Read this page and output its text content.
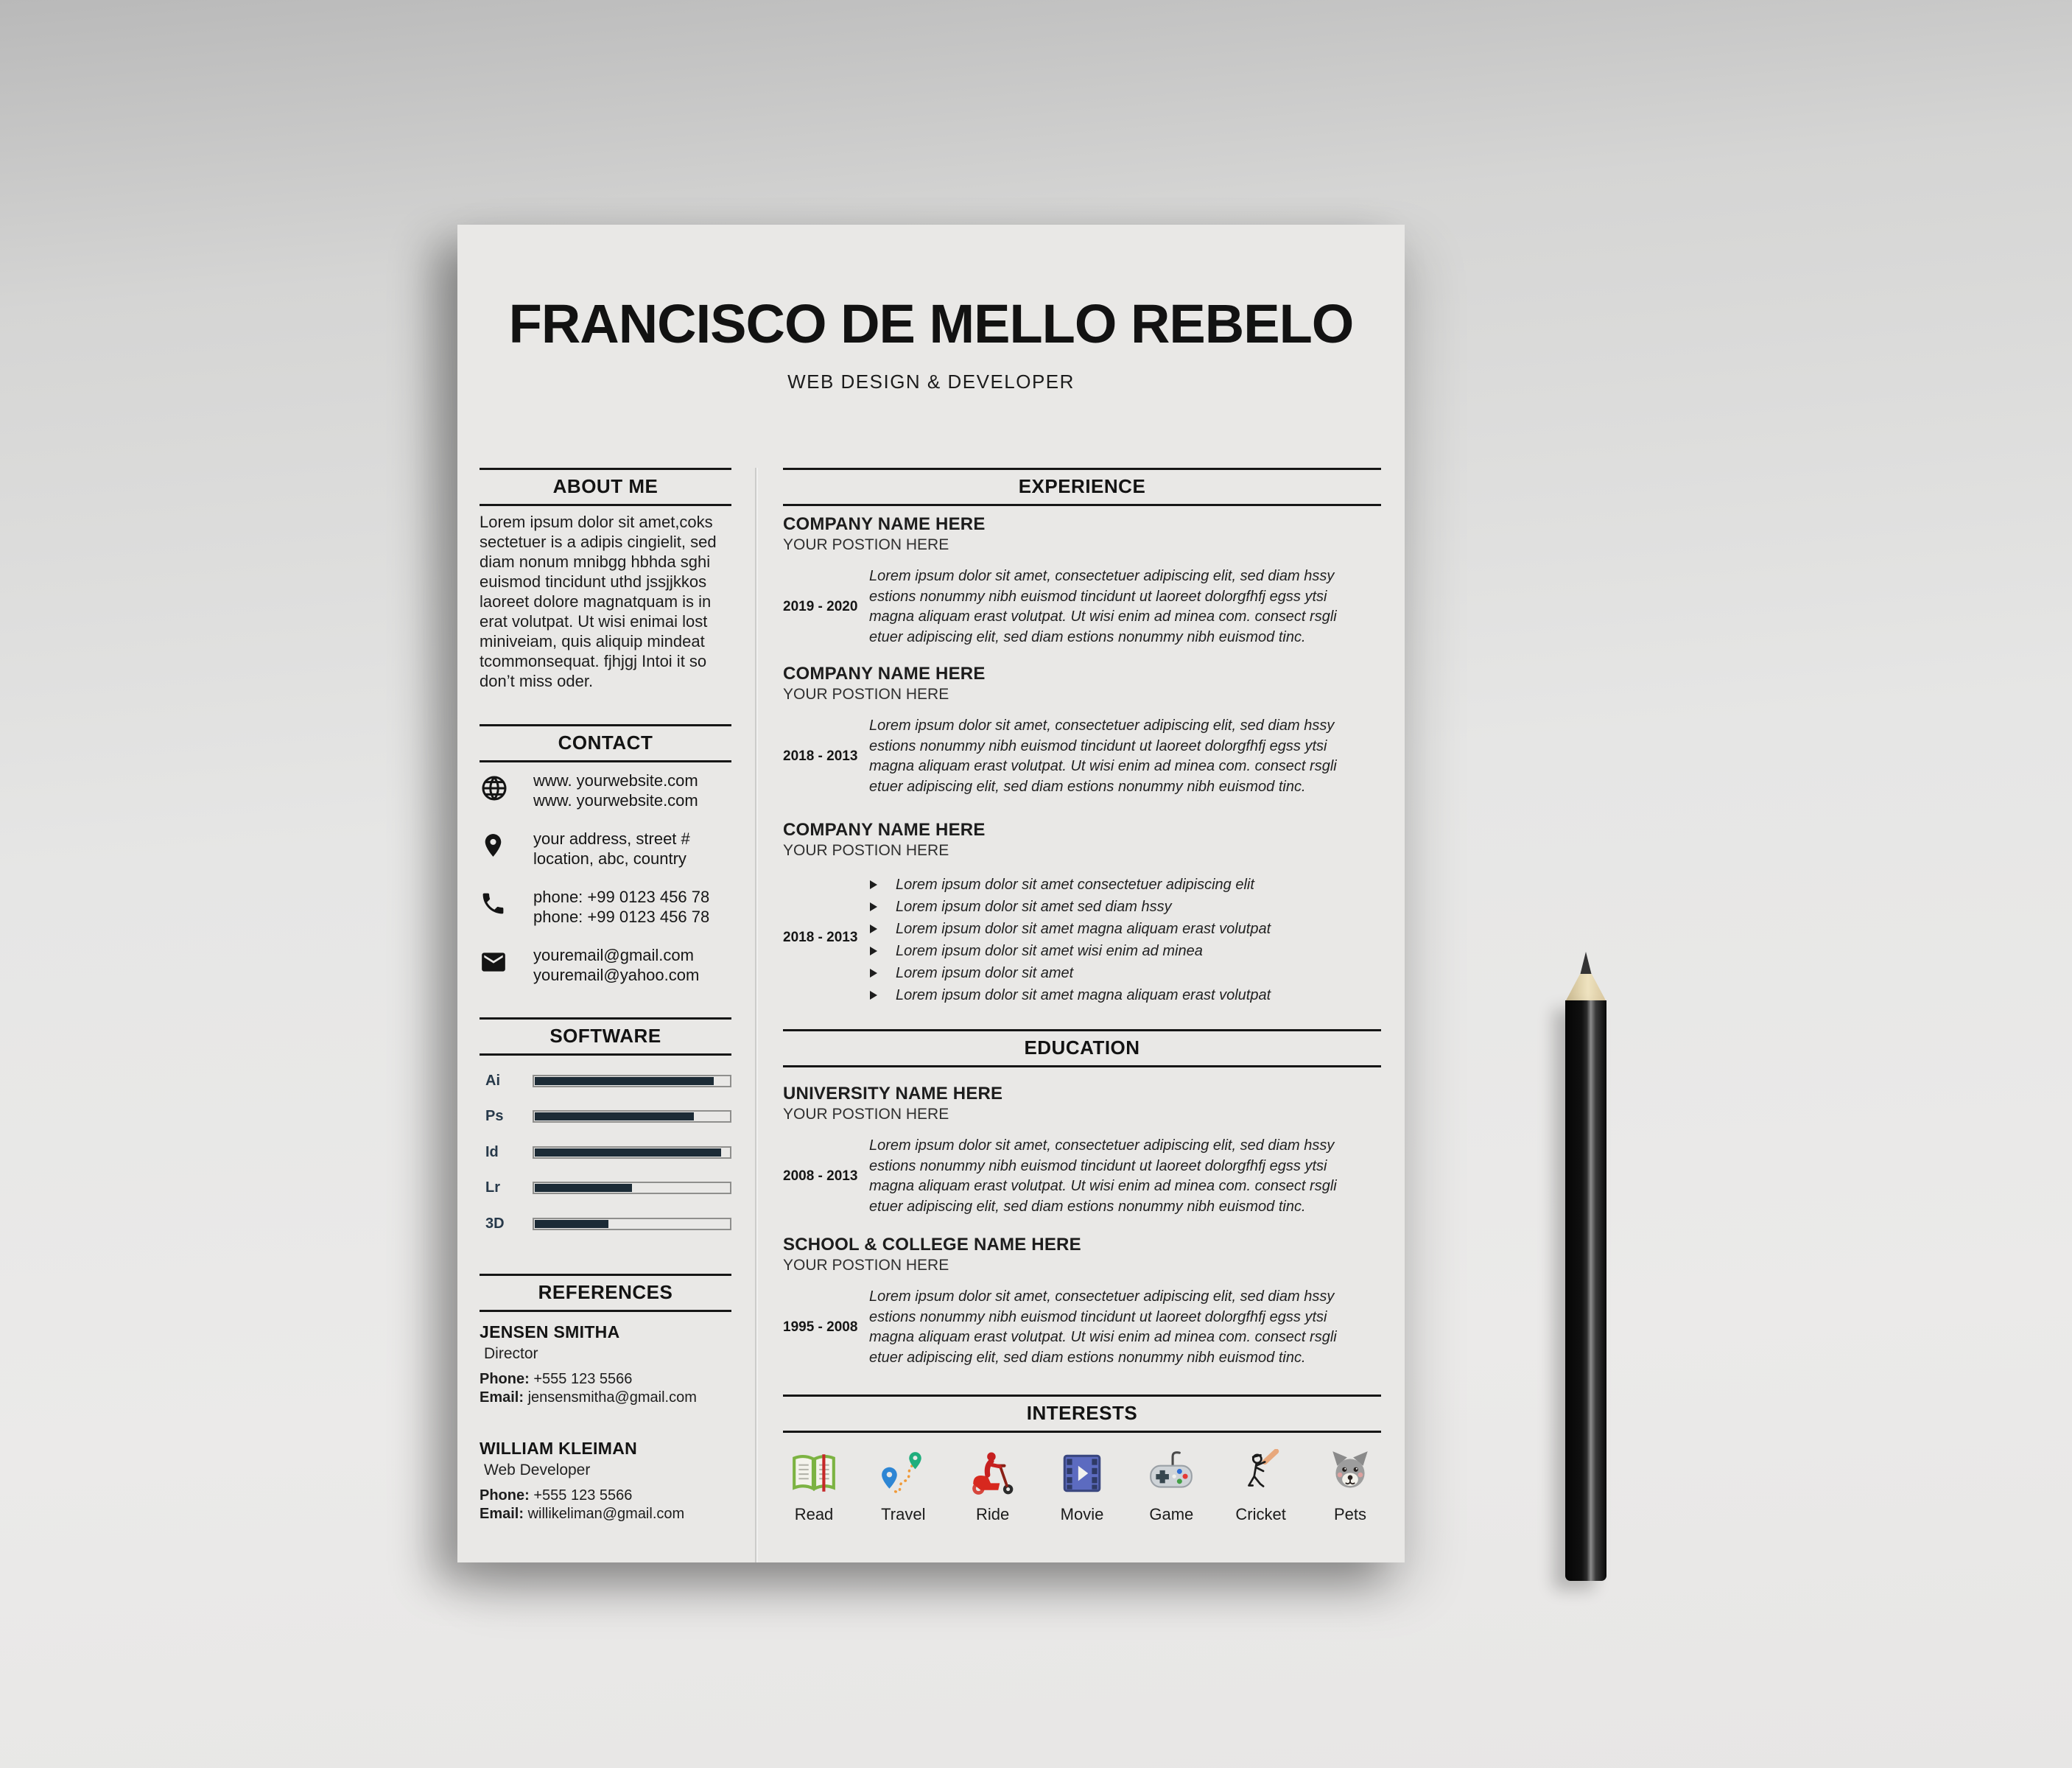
FRANCISCO DE MELLO REBELO
WEB DESIGN & DEVELOPER
ABOUT ME
Lorem ipsum dolor sit amet,coks sectetuer is a adipis cingielit, sed diam nonum mnibgg hbhda sghi euismod tincidunt uthd jssjjkkos laoreet dolore magnatquam is in erat volutpat. Ut wisi enimai lost miniveiam, quis aliquip mindeat tcommonsequat. fjhjgj Intoi it so don’t miss oder.
CONTACT
www. yourwebsite.com
www. yourwebsite.com
your address, street #
location, abc, country
phone: +99 0123 456 78
phone: +99 0123 456 78
youremail@gmail.com
youremail@yahoo.com
SOFTWARE
Ai
Ps
Id
Lr
3D
REFERENCES
JENSEN SMITHA
Director
Phone: +555 123 5566
Email: jensensmitha@gmail.com
WILLIAM KLEIMAN
Web Developer
Phone: +555 123 5566
Email: willikeliman@gmail.com
EXPERIENCE
COMPANY NAME HERE
YOUR POSTION HERE
2019 - 2020
Lorem ipsum dolor sit amet, consectetuer adipiscing elit, sed diam hssy estions nonummy nibh euismod tincidunt ut laoreet dolorgfhfj egss ytsi magna aliquam erast volutpat. Ut wisi enim ad minea com. consect rsgli etuer adipiscing elit, sed diam estions nonummy nibh euismod tinc.
COMPANY NAME HERE
YOUR POSTION HERE
2018 - 2013
Lorem ipsum dolor sit amet, consectetuer adipiscing elit, sed diam hssy estions nonummy nibh euismod tincidunt ut laoreet dolorgfhfj egss ytsi magna aliquam erast volutpat. Ut wisi enim ad minea com. consect rsgli etuer adipiscing elit, sed diam estions nonummy nibh euismod tinc.
COMPANY NAME HERE
YOUR POSTION HERE
2018 - 2013
Lorem ipsum dolor sit amet consectetuer adipiscing elit
Lorem ipsum dolor sit amet sed diam hssy
Lorem ipsum dolor sit amet magna aliquam erast volutpat
Lorem ipsum dolor sit amet wisi enim ad minea
Lorem ipsum dolor sit amet
Lorem ipsum dolor sit amet magna aliquam erast volutpat
EDUCATION
UNIVERSITY NAME HERE
YOUR POSTION HERE
2008 - 2013
Lorem ipsum dolor sit amet, consectetuer adipiscing elit, sed diam hssy estions nonummy nibh euismod tincidunt ut laoreet dolorgfhfj egss ytsi magna aliquam erast volutpat. Ut wisi enim ad minea com. consect rsgli etuer adipiscing elit, sed diam estions nonummy nibh euismod tinc.
SCHOOL & COLLEGE NAME HERE
YOUR POSTION HERE
1995 - 2008
Lorem ipsum dolor sit amet, consectetuer adipiscing elit, sed diam hssy estions nonummy nibh euismod tincidunt ut laoreet dolorgfhfj egss ytsi magna aliquam erast volutpat. Ut wisi enim ad minea com. consect rsgli etuer adipiscing elit, sed diam estions nonummy nibh euismod tinc.
INTERESTS
Read	Travel	Ride	Movie	Game	Cricket	Pets
